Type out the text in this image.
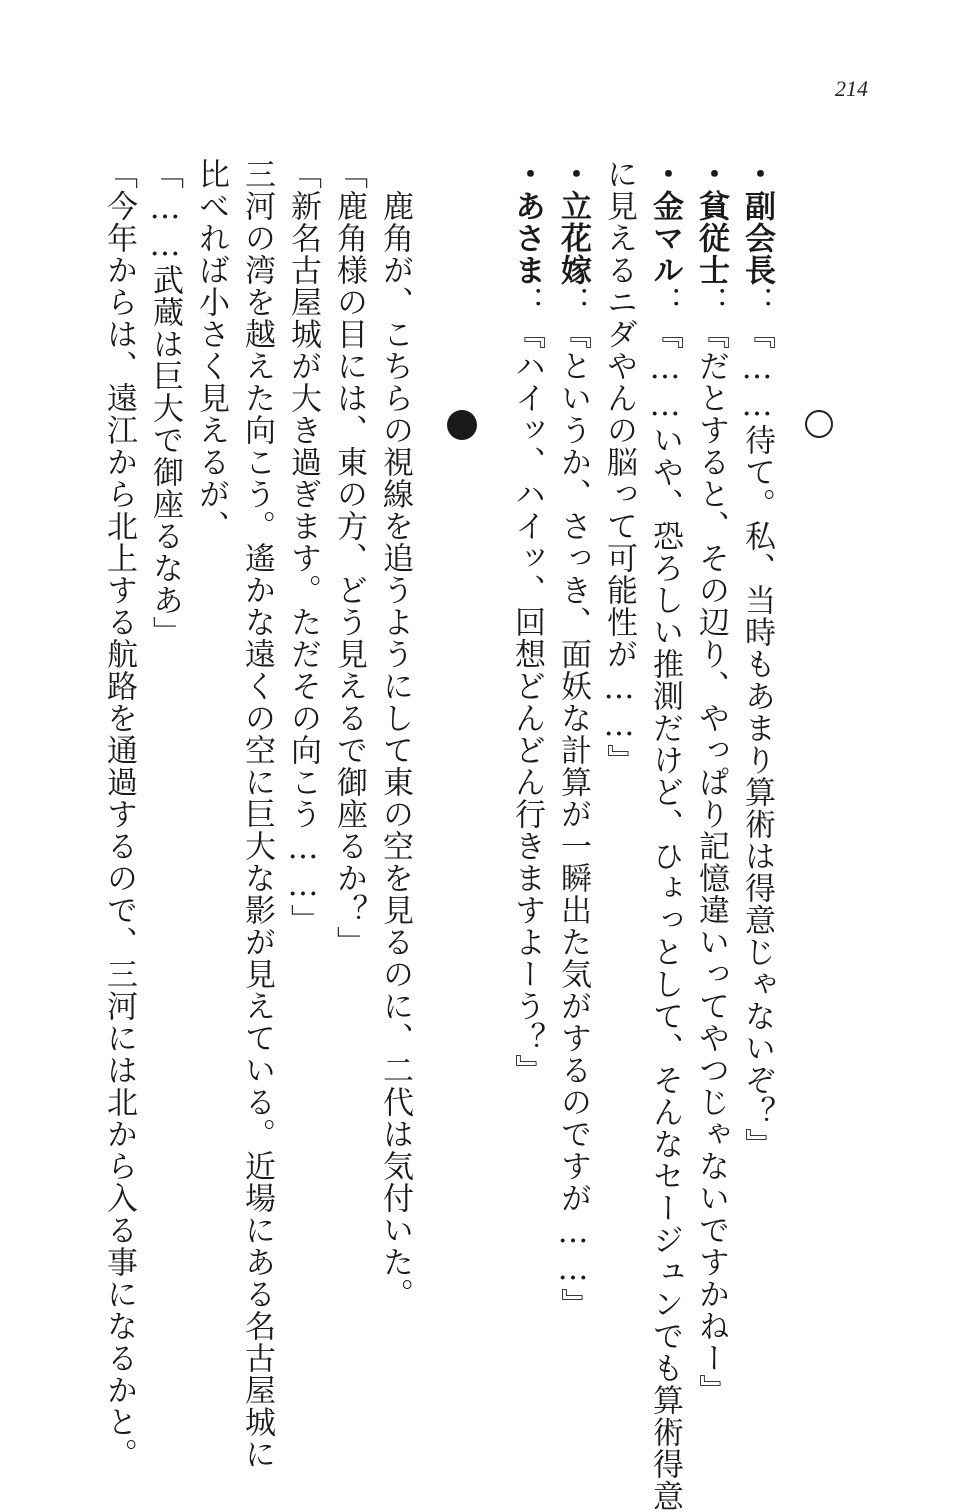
214
・副会長：『……待て。私、当時もあまり算術は得意じゃないぞ？』
・貧従士：『だとすると、その辺り、やっぱり記憶違いってやつじゃないですかねー』
・金マル：『……いや、恐ろしい推測だけど、ひょっとして、そんなセージュンでも算術得意
に見えるニダやんの脳って可能性が……』
・立花嫁：『というか、さっき、面妖な計算が一瞬出た気がするのですが……』
・あさま：『ハイッ、ハイッ、回想どんどん行きますよーう？』
鹿角が、こちらの視線を追うようにして東の空を見るのに、二代は気付いた。
「鹿角様の目には、東の方、どう見えるで御座るか？」
「新名古屋城が大き過ぎます。ただその向こう……」
三河の湾を越えた向こう。遙かな遠くの空に巨大な影が見えている。近場にある名古屋城に
比べれば小さく見えるが、
「……武蔵は巨大で御座るなあ」
「今年からは、遠江から北上する航路を通過するので、三河には北から入る事になるかと。
